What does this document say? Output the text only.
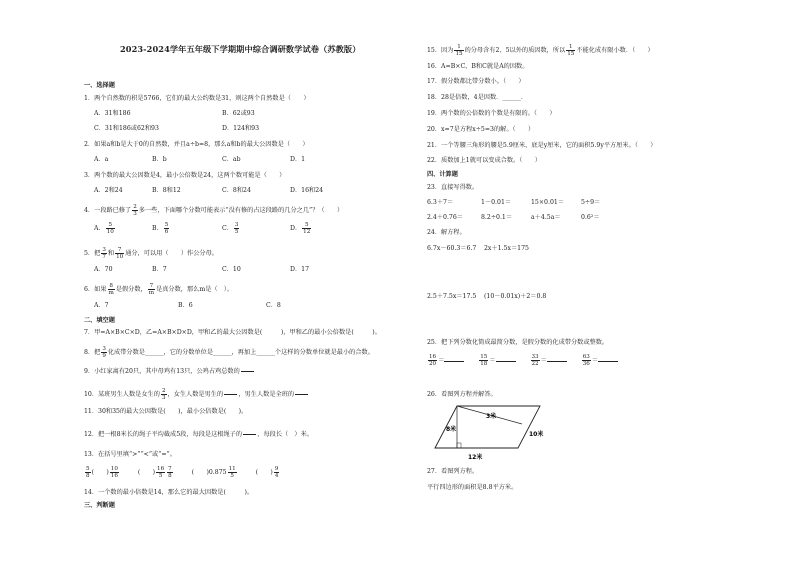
2023-2024学年五年级下学期期中综合调研数学试卷（苏教版）
一、选择题
1．两个自然数的积是5766，它们的最大公约数是31，则这两个自然数是（　　）
A．31和186	B．62或93
C．31和186或62和93	D．124和93
2．如果a和b是大于0的自然数，并且a÷b=8，那么a和b的最大公因数是（　　）
A．a	B．b	C．ab	D．1
3．两个数的最大公因数是4，最小公倍数是24，这两个数可能是（　　）
A．2和24	B．8和12	C．8和24	D．16和24
4．一段路已修了 $\frac{2}{3}$ 多一些，下面哪个分数可能表示“没有修的占这段路的几分之几”？（　　）
A． $\frac{5}{10}$	B． $\frac{5}{6}$	C． $\frac{3}{5}$	D． $\frac{5}{12}$
5．把 $\frac{3}{7}$ 和 $\frac{7}{10}$ 通分，可以用（　　）作公分母。
A．70	B．7	C．10	D．17
6．如果 $\frac{8}{m}$ 是假分数， $\frac{7}{m}$ 是真分数，那么m是（　）。
A．7	B．6	C．8
二、填空题
7．甲=A×B×C×D，乙=A×B×D×D，甲和乙的最大公因数是(　　　)，甲和乙的最小公倍数是(　　　)。
8．把 $\frac{3}{9}$ 化成带分数是______，它的分数单位是______，再加上______个这样的分数单位就是最小的合数。
9．小红家离有20只，其中母鸡有13只，公鸡占鸡总数的

10．某班男生人数是女生的 $\frac{2}{3}$ ，女生人数是男生的

　　 ，男生人数是全班的

11．30和35的最大公因数是(　　)，最小公倍数是(　　)。
12．把一根8米长的绳子平均截成5段，每段是这根绳子的

　　 ，每段长（　）米。
13．在括号里填“>”“<”或“=”。
$\frac{5}{8}$ (　　) $\frac{10}{16}$	(　　) $\frac{16}{5} \frac{7}{8}$	(　　)$0.875 \frac{11}{5}$	(　　) $\frac{9}{4}$
14．一个数的最小倍数是14，那么它的最大因数是(　　　)。
三、判断题
15．因为 $\frac{1}{15}$ 的分母含有2、5以外的质因数，所以 $\frac{1}{15}$ 不能化成有限小数．（　　）
16．A=B×C，B和C就是A的因数。
17．假分数都比带分数小。（　　）
18．28是倍数，4是因数．______．
19．两个数的公倍数的个数是有限的。（　　）
20．x=7是方程x÷5=3的解。（　　）
21．一个等腰三角形的腰是5.9厘米，底是y厘米，它的面积5.9y平方厘米。（　　）
22．质数加上1就可以变成合数。（　　）
四、计算题
23．直接写得数。
6.3＋7＝	1－0.01＝	15×0.01＝	5÷9＝
2.4＋0.76＝	8.2÷0.1＝	a＋4.5a＝	0.6²＝
24．解方程。
6.7x－60.3＝6.7 2x＋1.5x＝175
2.5＋7.5x＝17.5 (10－0.01x)＋2＝0.8
25．把下列分数化简成最简分数，是假分数的化成带分数或整数。
$\frac{16}{20}$ ＝	$\frac{15}{18}$ ＝	$\frac{33}{22}$ ＝	$\frac{63}{36}$ ＝
26．看图列方程并解答。
3米
8米
10米
12米
27．看图列方程。
平行四边形的面积是8.8平方米。
